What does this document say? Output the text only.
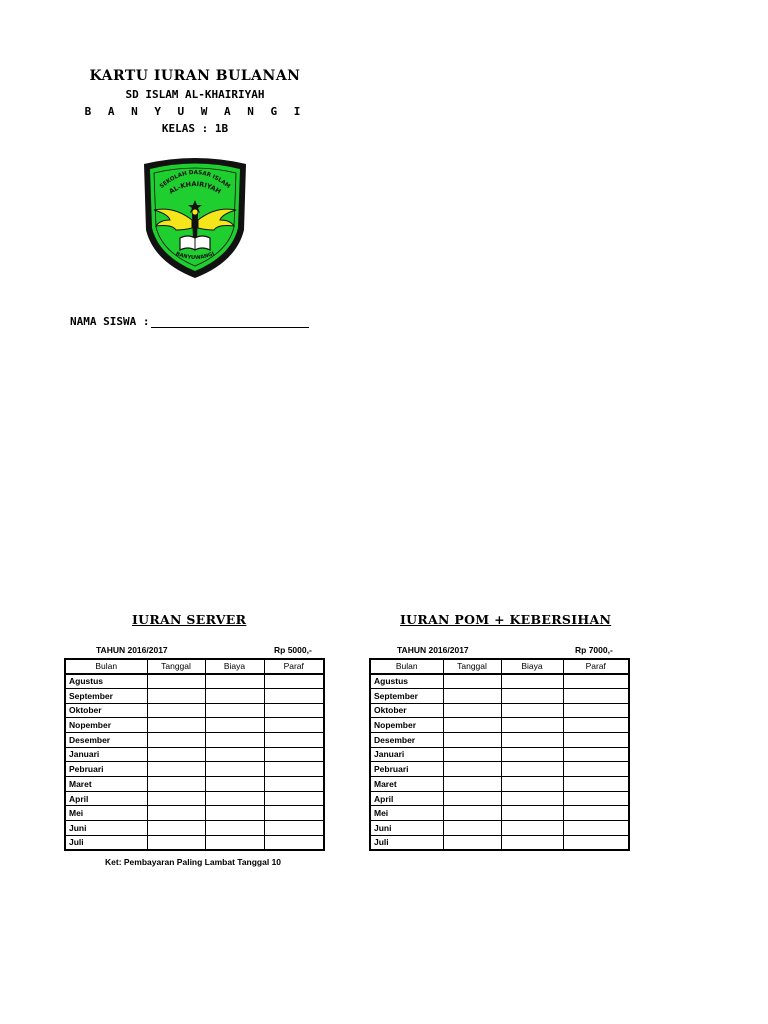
KARTU IURAN BULANAN
SD ISLAM AL-KHAIRIYAH
B A N Y U W A N G I
KELAS : 1B
SEKOLAH DASAR ISLAM
AL-KHAIRIYAH
BANYUWANGI
NAMA SISWA :
IURAN SERVER
TAHUN 2016/2017	Rp 5000,-
Bulan	Tanggal	Biaya	Paraf
Agustus			
September			
Oktober			
Nopember			
Desember			
Januari			
Pebruari			
Maret			
April			
Mei			
Juni			
Juli			
IURAN POM + KEBERSIHAN
TAHUN 2016/2017	Rp 7000,-
Bulan	Tanggal	Biaya	Paraf
Agustus			
September			
Oktober			
Nopember			
Desember			
Januari			
Pebruari			
Maret			
April			
Mei			
Juni			
Juli			
Ket: Pembayaran Paling Lambat Tanggal 10
